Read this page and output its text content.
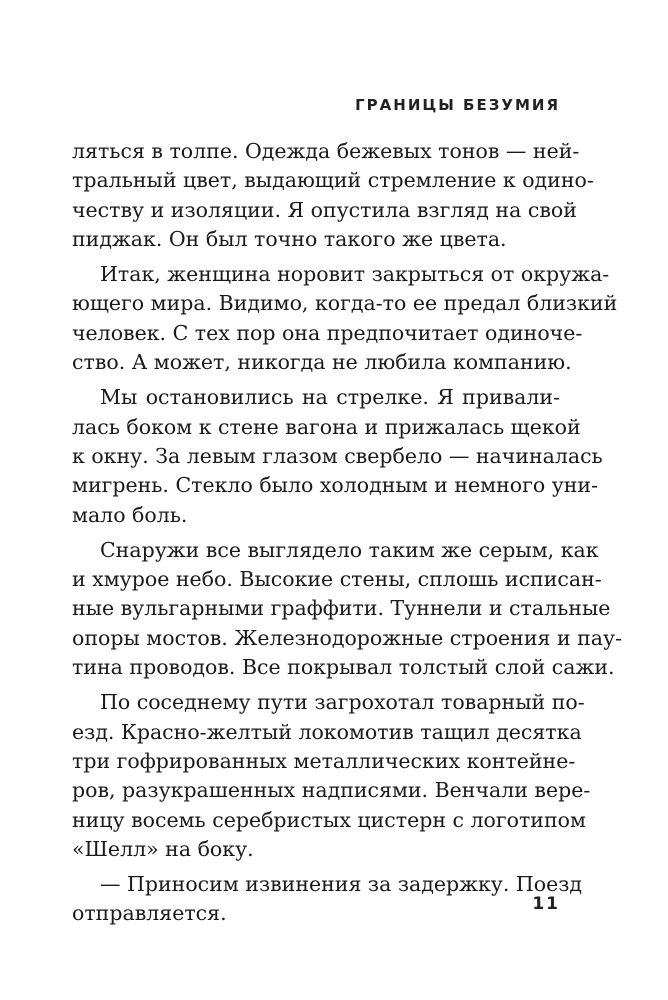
ГРАНИЦЫ БЕЗУМИЯ
ляться в толпе. Одежда бежевых тонов — ней-
тральный цвет, выдающий стремление к одино-
честву и изоляции. Я опустила взгляд на свой
пиджак. Он был точно такого же цвета.
Итак, женщина норовит закрыться от окружа-
ющего мира. Видимо, когда-то ее предал близкий
человек. С тех пор она предпочитает одиноче-
ство. А может, никогда не любила компанию.
Мы остановились на стрелке. Я привали-
лась боком к стене вагона и прижалась щекой
к окну. За левым глазом свербело — начиналась
мигрень. Стекло было холодным и немного уни-
мало боль.
Снаружи все выглядело таким же серым, как
и хмурое небо. Высокие стены, сплошь исписан-
ные вульгарными граффити. Туннели и стальные
опоры мостов. Железнодорожные строения и пау-
тина проводов. Все покрывал толстый слой сажи.
По соседнему пути загрохотал товарный по-
езд. Красно-желтый локомотив тащил десятка
три гофрированных металлических контейне-
ров, разукрашенных надписями. Венчали вере-
ницу восемь серебристых цистерн с логотипом
«Шелл» на боку.
— Приносим извинения за задержку. Поезд
отправляется.	11
